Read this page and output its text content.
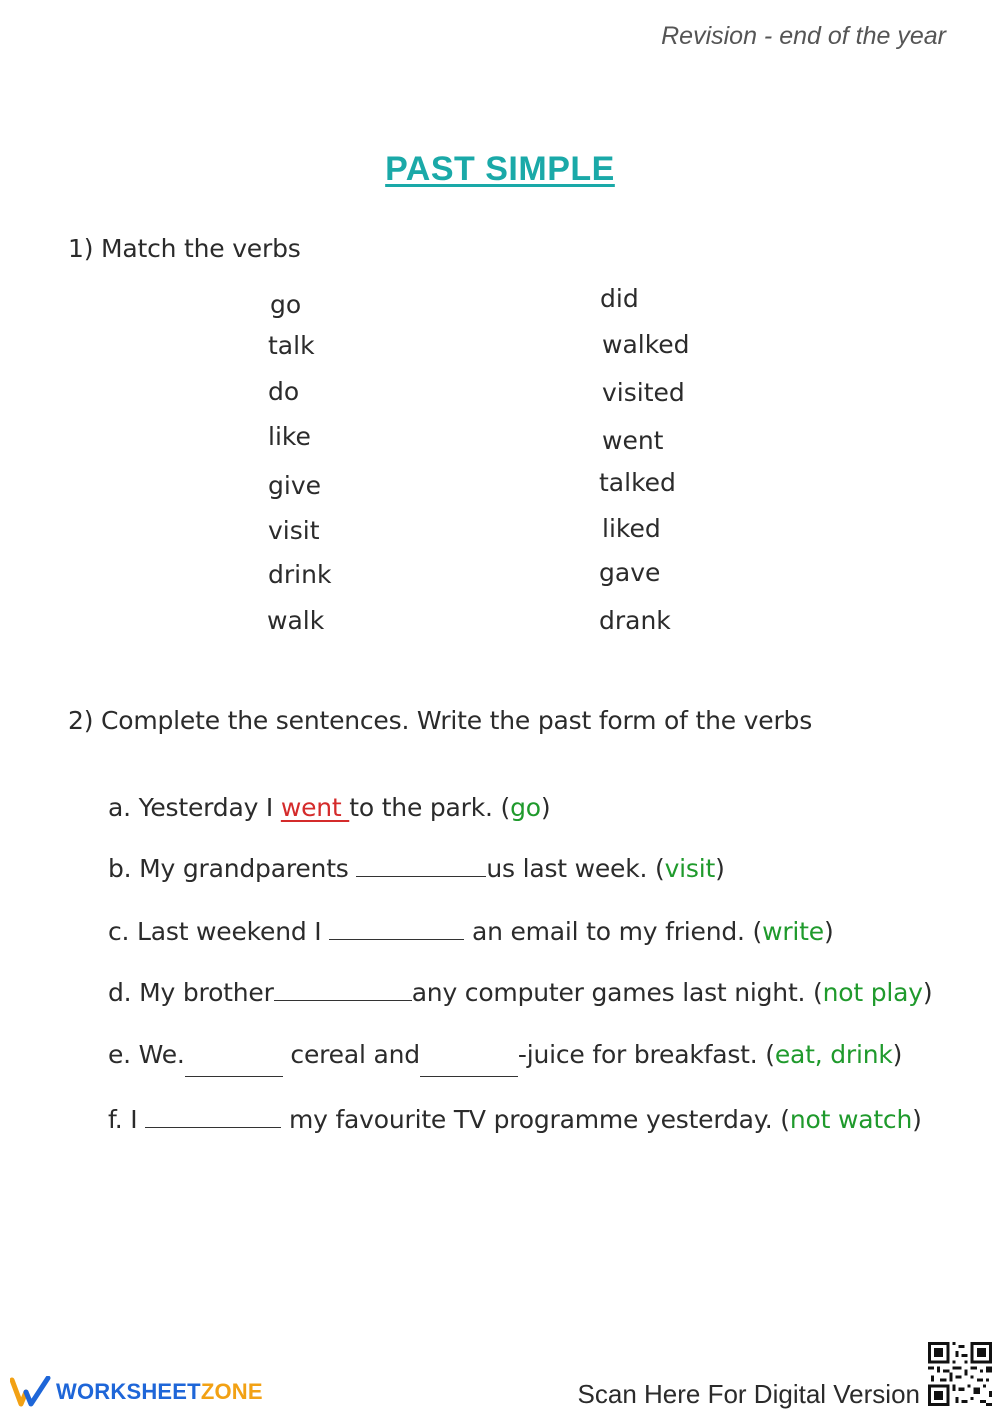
Revision - end of the year
PAST SIMPLE
1) Match the verbs
go
talk
do
like
give
visit
drink
walk
did
walked
visited
went
talked
liked
gave
drank
2) Complete the sentences. Write the past form of the verbs
a. Yesterday I went to the park. (go)
b. My grandparents	us last week. (visit)
c. Last weekend I	an email to my friend. (write)
d. My brother	any computer games last night. (not play)
e. We.	cereal and	-juice for breakfast. (eat, drink)
f. I	my favourite TV programme yesterday. (not watch)
WORKSHEETZONE	Scan Here For Digital Version
